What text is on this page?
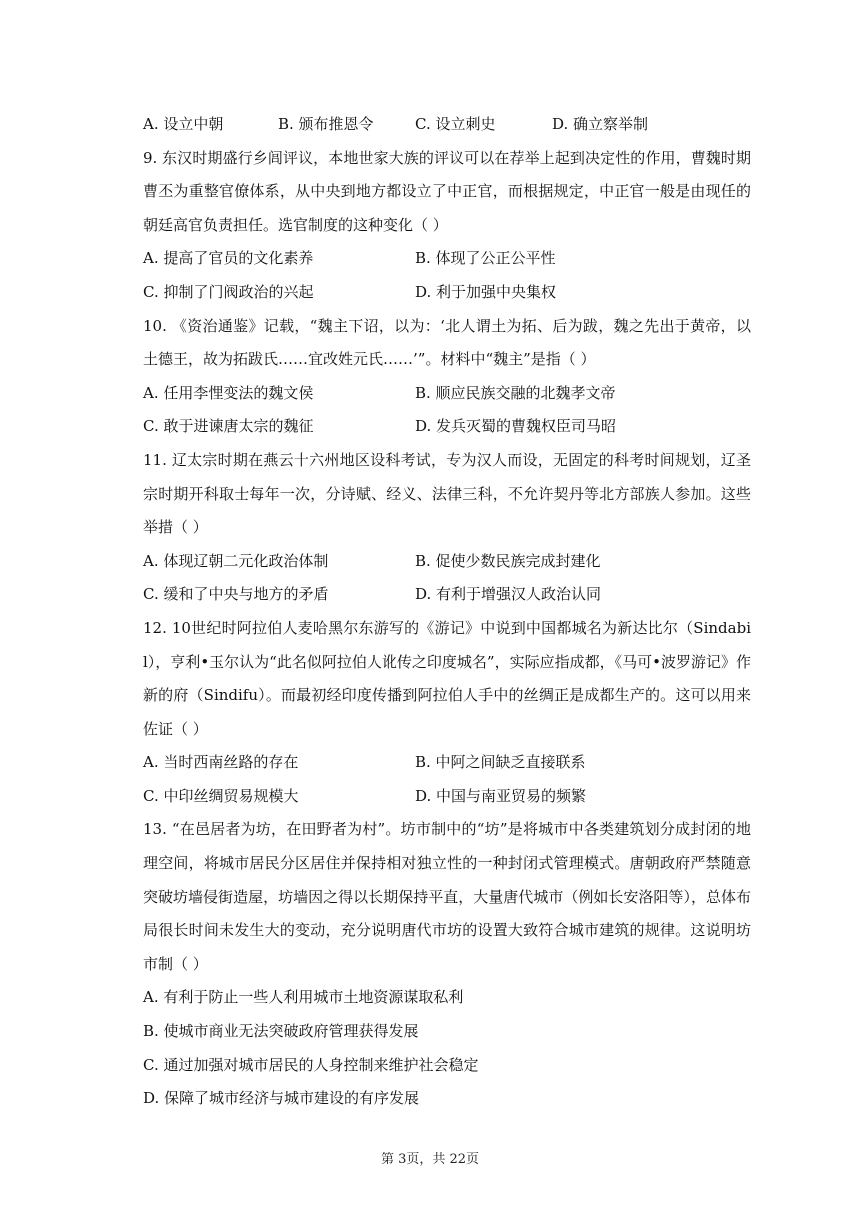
A. 设立中朝	B. 颁布推恩令	C. 设立刺史	D. 确立察举制
9. 东汉时期盛行乡闾评议，本地世家大族的评议可以在荐举上起到决定性的作用，曹魏时期曹丕为重整官僚体系，从中央到地方都设立了中正官，而根据规定，中正官一般是由现任的朝廷高官负责担任。选官制度的这种变化（ ）
A. 提高了官员的文化素养	B. 体现了公正公平性
C. 抑制了门阀政治的兴起	D. 利于加强中央集权
10. 《资治通鉴》记载，“魏主下诏，以为：‘北人谓土为拓、后为跋，魏之先出于黄帝，以土德王，故为拓跋氏……宜改姓元氏……’”。材料中“魏主”是指（ ）
A. 任用李悝变法的魏文侯	B. 顺应民族交融的北魏孝文帝
C. 敢于进谏唐太宗的魏征	D. 发兵灭蜀的曹魏权臣司马昭
11. 辽太宗时期在燕云十六州地区设科考试，专为汉人而设，无固定的科考时间规划，辽圣宗时期开科取士每年一次，分诗赋、经义、法律三科，不允许契丹等北方部族人参加。这些举措（ ）
A. 体现辽朝二元化政治体制	B. 促使少数民族完成封建化
C. 缓和了中央与地方的矛盾	D. 有利于增强汉人政治认同
12. 10世纪时阿拉伯人麦哈黑尔东游写的《游记》中说到中国都城名为新达比尔（Sindabil），亨利•玉尔认为“此名似阿拉伯人讹传之印度城名”，实际应指成都，《马可•波罗游记》作新的府（Sindifu）。而最初经印度传播到阿拉伯人手中的丝绸正是成都生产的。这可以用来佐证（ ）
A. 当时西南丝路的存在	B. 中阿之间缺乏直接联系
C. 中印丝绸贸易规模大	D. 中国与南亚贸易的频繁
13. “在邑居者为坊，在田野者为村”。坊市制中的“坊”是将城市中各类建筑划分成封闭的地理空间，将城市居民分区居住并保持相对独立性的一种封闭式管理模式。唐朝政府严禁随意突破坊墙侵街造屋，坊墙因之得以长期保持平直，大量唐代城市（例如长安洛阳等），总体布局很长时间未发生大的变动，充分说明唐代市坊的设置大致符合城市建筑的规律。这说明坊市制（ ）
A. 有利于防止一些人利用城市土地资源谋取私利
B. 使城市商业无法突破政府管理获得发展
C. 通过加强对城市居民的人身控制来维护社会稳定
D. 保障了城市经济与城市建设的有序发展
第 3页，共 22页
